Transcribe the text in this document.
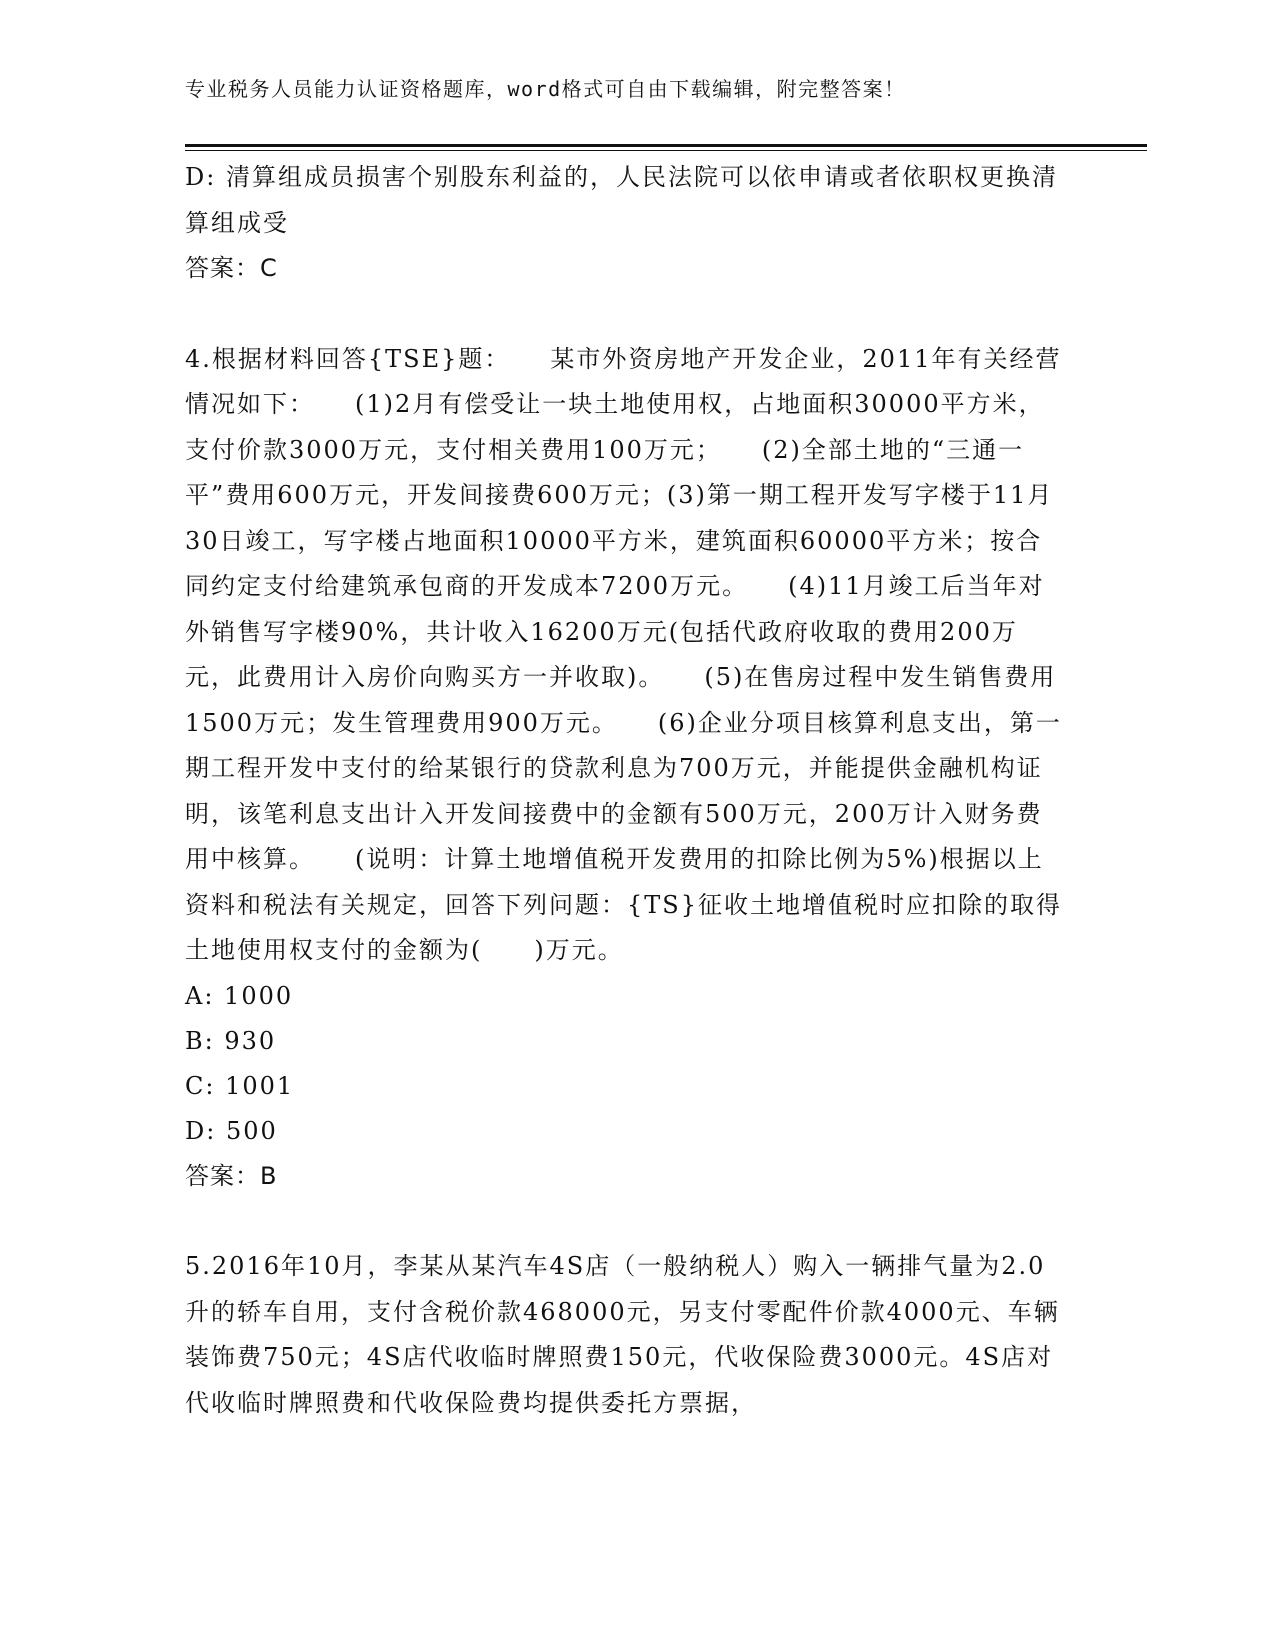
专业税务人员能力认证资格题库，word格式可自由下载编辑，附完整答案！

D: 清算组成员损害个别股东利益的，人民法院可以依申请或者依职权更换清算组成受

答案：C

4.根据材料回答{TSE}题：　　某市外资房地产开发企业，2011年有关经营情况如下：　　(1)2月有偿受让一块土地使用权，占地面积30000平方米，支付价款3000万元，支付相关费用100万元；　　(2)全部土地的“三通一平”费用600万元，开发间接费600万元；(3)第一期工程开发写字楼于11月30日竣工，写字楼占地面积10000平方米，建筑面积60000平方米；按合同约定支付给建筑承包商的开发成本7200万元。　　(4)11月竣工后当年对外销售写字楼90%，共计收入16200万元(包括代政府收取的费用200万元，此费用计入房价向购买方一并收取)。　　(5)在售房过程中发生销售费用1500万元；发生管理费用900万元。　　(6)企业分项目核算利息支出，第一期工程开发中支付的给某银行的贷款利息为700万元，并能提供金融机构证明，该笔利息支出计入开发间接费中的金额有500万元，200万计入财务费用中核算。　　(说明：计算土地增值税开发费用的扣除比例为5%)根据以上资料和税法有关规定，回答下列问题：{TS}征收土地增值税时应扣除的取得土地使用权支付的金额为(　　)万元。

A: 1000

B: 930

C: 1001

D: 500

答案：B

5.2016年10月，李某从某汽车4S店（一般纳税人）购入一辆排气量为2.0升的轿车自用，支付含税价款468000元，另支付零配件价款4000元、车辆装饰费750元；4S店代收临时牌照费150元，代收保险费3000元。4S店对代收临时牌照费和代收保险费均提供委托方票据，
